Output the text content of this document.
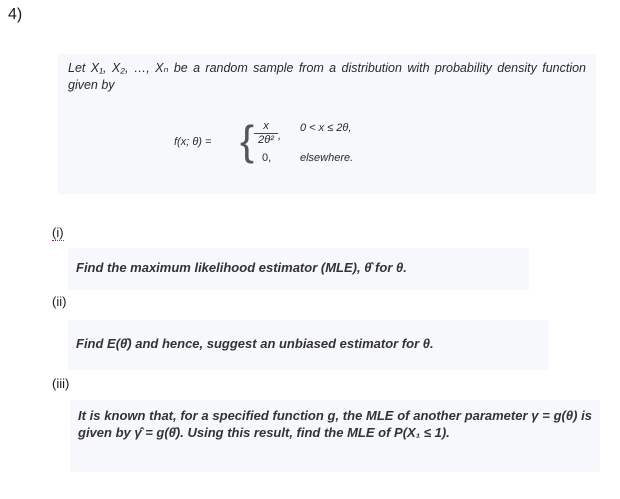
4)
Let X₁, X₂, …, Xₙ be a random sample from a distribution with probability density function given by
f(x; θ) = { $\frac{x}{\text{2θ²}}$ ,
0,
0 < x ≤ 2θ,
elsewhere.
(i)
Find the maximum likelihood estimator (MLE), θ̂ for θ.
(ii)
Find E(θ̂) and hence, suggest an unbiased estimator for θ.
(iii)
It is known that, for a specified function g, the MLE of another parameter γ = g(θ) is given by γ̂ = g(θ̂). Using this result, find the MLE of P(X₁ ≤ 1).
